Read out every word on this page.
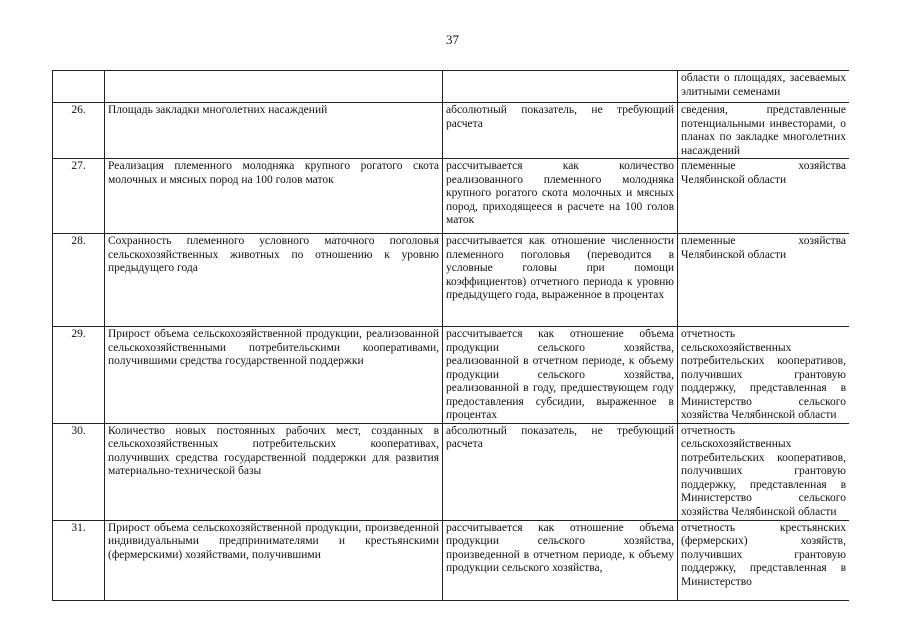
37
			области о площадях, засеваемых элитными семенами
26.	Площадь закладки многолетних насаждений	абсолютный показатель, не требующий расчета	сведения, представленные потенциальными инвесторами, о планах по закладке многолетних насаждений
27.	Реализация племенного молодняка крупного рогатого скота молочных и мясных пород на 100 голов маток	рассчитывается как количество реализованного племенного молодняка крупного рогатого скота молочных и мясных пород, приходящееся в расчете на 100 голов маток	племенные хозяйства Челябинской области
28.	Сохранность племенного условного маточного поголовья сельскохозяйственных животных по отношению к уровню предыдущего года	рассчитывается как отношение численности племенного поголовья (переводится в условные головы при помощи коэффициентов) отчетного периода к уровню предыдущего года, выраженное в процентах	племенные хозяйства Челябинской области
29.	Прирост объема сельскохозяйственной продукции, реализованной сельскохозяйственными потребительскими кооперативами, получившими средства государственной поддержки	рассчитывается как отношение объема продукции сельского хозяйства, реализованной в отчетном периоде, к объему продукции сельского хозяйства, реализованной в году, предшествующем году предоставления субсидии, выраженное в процентах	отчетность сельскохозяйственных потребительских кооперативов, получивших грантовую поддержку, представленная в Министерство сельского хозяйства Челябинской области
30.	Количество новых постоянных рабочих мест, созданных в сельскохозяйственных потребительских кооперативах, получивших средства государственной поддержки для развития материально-технической базы	абсолютный показатель, не требующий расчета	отчетность сельскохозяйственных потребительских кооперативов, получивших грантовую поддержку, представленная в Министерство сельского хозяйства Челябинской области
31.	Прирост объема сельскохозяйственной продукции, произведенной индивидуальными предпринимателями и крестьянскими (фермерскими) хозяйствами, получившими	рассчитывается как отношение объема продукции сельского хозяйства, произведенной в отчетном периоде, к объему продукции сельского хозяйства,	отчетность крестьянских (фермерских) хозяйств, получивших грантовую поддержку, представленная в Министерство
